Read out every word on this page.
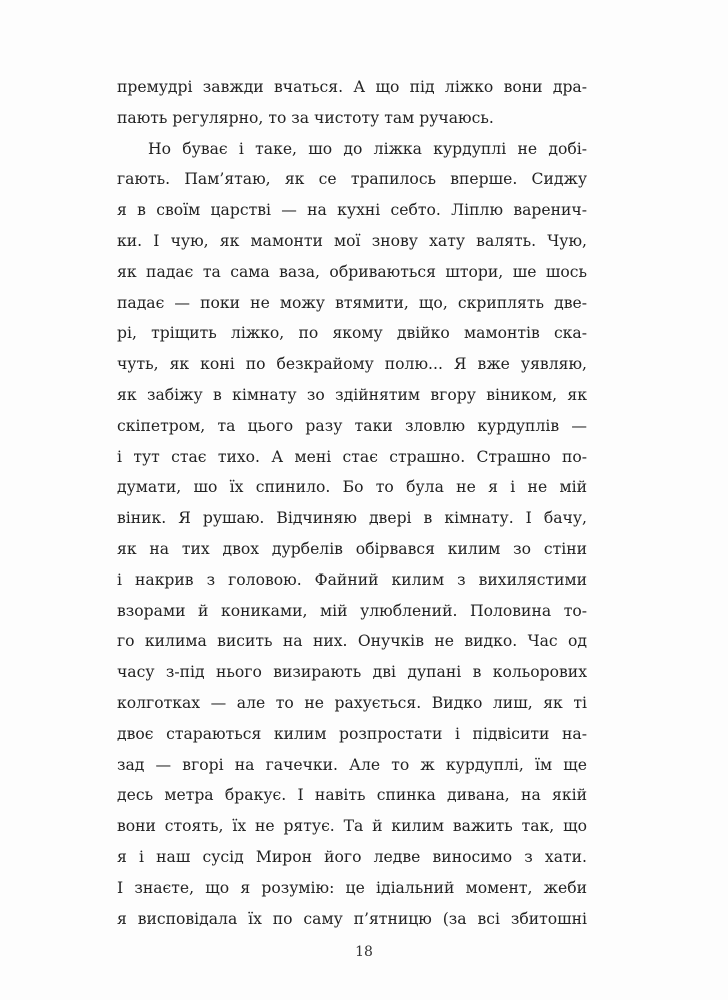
премудрі завжди вчаться. А що під ліжко вони дра-
пають регулярно, то за чистоту там ручаюсь.
Но буває і таке, шо до ліжка курдуплі не добі-
гають. Пам’ятаю, як се трапилось вперше. Сиджу
я в своїм царстві — на кухні себто. Ліплю варенич-
ки. І чую, як мамонти мої знову хату валять. Чую,
як падає та сама ваза, обриваються штори, ше шось
падає — поки не можу втямити, що, скриплять две-
рі, тріщить ліжко, по якому двійко мамонтів ска-
чуть, як коні по безкрайому полю... Я вже уявляю,
як забіжу в кімнату зо здійнятим вгору віником, як
скіпетром, та цього разу таки зловлю курдуплів —
і тут стає тихо. А мені стає страшно. Страшно по-
думати, шо їх спинило. Бо то була не я і не мій
віник. Я рушаю. Відчиняю двері в кімнату. І бачу,
як на тих двох дурбелів обірвався килим зо стіни
і накрив з головою. Файний килим з вихилястими
взорами й кониками, мій улюблений. Половина то-
го килима висить на них. Онучків не видко. Час од
часу з-під нього визирають дві дупані в кольорових
колготках — але то не рахується. Видко лиш, як ті
двоє стараються килим розпростати і підвісити на-
зад — вгорі на гачечки. Але то ж курдуплі, їм ще
десь метра бракує. І навіть спинка дивана, на якій
вони стоять, їх не рятує. Та й килим важить так, що
я і наш сусід Мирон його ледве виносимо з хати.
І знаєте, що я розумію: це ідіальний момент, жеби
я висповідала їх по саму п’ятницю (за всі збитошні
18
